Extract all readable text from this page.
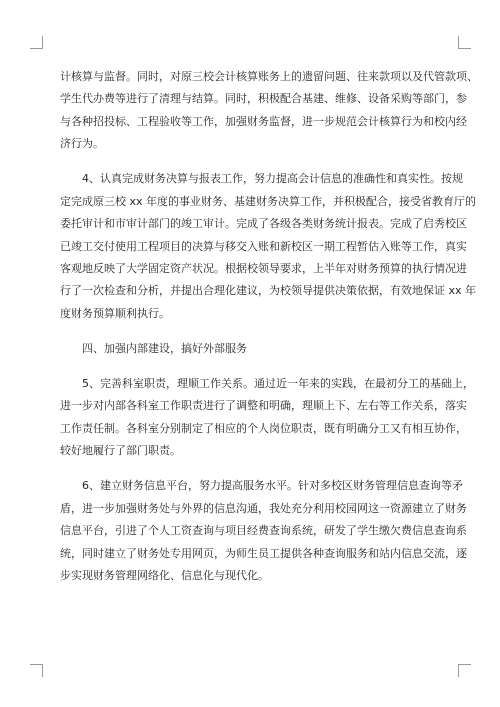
计核算与监督。同时，对原三校会计核算账务上的遗留问题、往来款项以及代管款项、
学生代办费等进行了清理与结算。同时，积极配合基建、维修、设备采购等部门，参
与各种招投标、工程验收等工作，加强财务监督，进一步规范会计核算行为和校内经
济行为。
4、认真完成财务决算与报表工作，努力提高会计信息的准确性和真实性。按规
定完成原三校 xx 年度的事业财务、基建财务决算工作，并积极配合，接受省教育厅的
委托审计和市审计部门的竣工审计。完成了各级各类财务统计报表。完成了启秀校区
已竣工交付使用工程项目的决算与移交入账和新校区一期工程暂估入账等工作，真实
客观地反映了大学固定资产状况。根据校领导要求，上半年对财务预算的执行情况进
行了一次检查和分析，并提出合理化建议，为校领导提供决策依据，有效地保证 xx 年
度财务预算顺利执行。
四、加强内部建设，搞好外部服务
5、完善科室职责，理顺工作关系。通过近一年来的实践，在最初分工的基础上，
进一步对内部各科室工作职责进行了调整和明确，理顺上下、左右等工作关系，落实
工作责任制。各科室分别制定了相应的个人岗位职责，既有明确分工又有相互协作，
较好地履行了部门职责。
6、建立财务信息平台，努力提高服务水平。针对多校区财务管理信息查询等矛
盾，进一步加强财务处与外界的信息沟通，我处充分利用校园网这一资源建立了财务
信息平台，引进了个人工资查询与项目经费查询系统，研发了学生缴欠费信息查询系
统，同时建立了财务处专用网页，为师生员工提供各种查询服务和站内信息交流，逐
步实现财务管理网络化、信息化与现代化。
